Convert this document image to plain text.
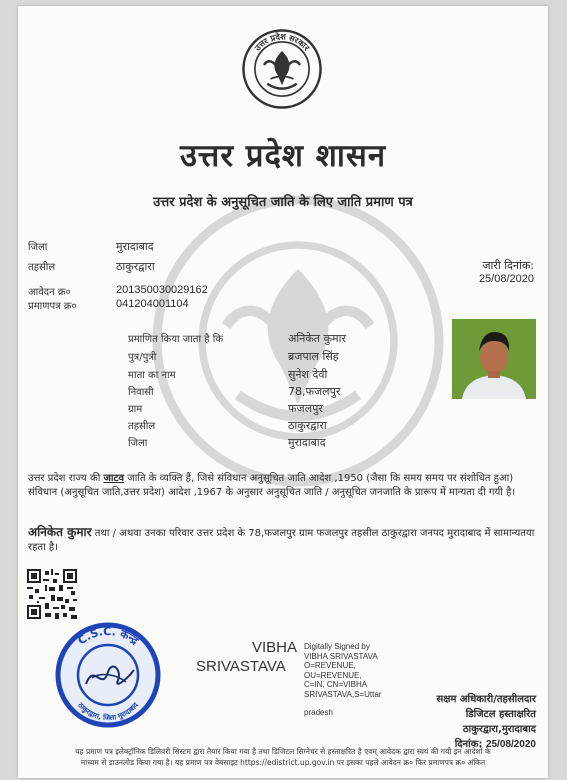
उत्तर प्रदेश सरकार
उत्तर प्रदेश शासन
उत्तर प्रदेश के अनुसूचित जाति के लिए जाति प्रमाण पत्र
जिला	मुरादाबाद
तहसील	ठाकुरद्वारा
आवेदन क्र०	201350030029162
प्रमाणपत्र क्र०	041204001104
जारी दिनांक:
25/08/2020
प्रमाणित किया जाता है कि	अनिकेत कुमार
पुत्र/पुत्री	ब्रजपाल सिंह
माता का नाम	सुनेश देवी
निवासी	78,फजलपुर
ग्राम	फजलपुर
तहसील	ठाकुरद्वारा
जिला	मुरादाबाद
उत्तर प्रदेश राज्य की जाटव जाति के व्यक्ति हैं, जिसे संविधान अनुसूचित जाति आदेश ,1950 (जैसा कि समय समय पर संशोधित हुआ) संविधान (अनुसूचित जाति,उत्तर प्रदेश) आदेश ,1967 के अनुसार अनुसूचित जाति / अनुसूचित जनजाति के प्रारूप में मान्यता दी गयी है।
अनिकेत कुमार तथा / अथवा उनका परिवार उत्तर प्रदेश के 78,फजलपुर ग्राम फजलपुर तहसील ठाकुरद्वारा जनपद मुरादाबाद में सामान्यतया रहता है।
C.S.C. केन्द्र
ठाकुरद्वारा, जिला मुरादाबाद
VIBHA
SRIVASTAVA
Digitally Signed by
VIBHA SRIVASTAVA
O=REVENUE,
OU=REVENUE,
C=IN, CN=VIBHA
SRIVASTAVA,S=Uttar
pradesh
सक्षम अधिकारी/तहसीलदार
डिजिटल हस्ताक्षरित
ठाकुरद्वारा,मुरादाबाद
दिनांक: 25/08/2020
यह प्रमाण पत्र इलेक्ट्रॉनिक डिलिवरी सिस्टम द्वारा तैयार किया गया है तथा डिजिटल सिग्नेचर से हस्ताक्षरित है एवम् आवेदक द्वारा स्वयं की गयी इन आदेशों के
माध्यम से डाउनलोड किया गया है। यह प्रमाण पत्र वेबसाइट https://edistrict.up.gov.in पर इसका पहले आवेदन क्र० फिर प्रमाणपत्र क्र० अंकित
